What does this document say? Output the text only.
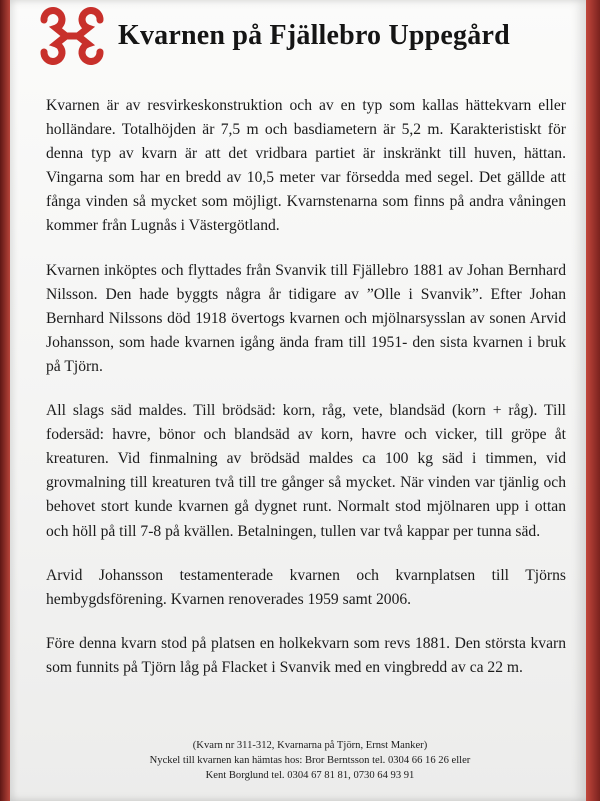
Kvarnen på Fjällebro Uppegård

Kvarnen är av resvirkeskonstruktion och av en typ som kallas hättekvarn eller holländare. Totalhöjden är 7,5 m och basdiametern är 5,2 m. Karakteristiskt för denna typ av kvarn är att det vridbara partiet är inskränkt till huven, hättan. Vingarna som har en bredd av 10,5 meter var försedda med segel. Det gällde att fånga vinden så mycket som möjligt. Kvarnstenarna som finns på andra våningen kommer från Lugnås i Västergötland.

Kvarnen inköptes och flyttades från Svanvik till Fjällebro 1881 av Johan Bernhard Nilsson. Den hade byggts några år tidigare av ”Olle i Svanvik”. Efter Johan Bernhard Nilssons död 1918 övertogs kvarnen och mjölnarsysslan av sonen Arvid Johansson, som hade kvarnen igång ända fram till 1951- den sista kvarnen i bruk på Tjörn.

All slags säd maldes. Till brödsäd: korn, råg, vete, blandsäd (korn + råg). Till fodersäd: havre, bönor och blandsäd av korn, havre och vicker, till gröpe åt kreaturen. Vid finmalning av brödsäd maldes ca 100 kg säd i timmen, vid grovmalning till kreaturen två till tre gånger så mycket. När vinden var tjänlig och behovet stort kunde kvarnen gå dygnet runt. Normalt stod mjölnaren upp i ottan och höll på till 7-8 på kvällen. Betalningen, tullen var två kappar per tunna säd.

Arvid Johansson testamenterade kvarnen och kvarnplatsen till Tjörns hembygdsförening. Kvarnen renoverades 1959 samt 2006.

Före denna kvarn stod på platsen en holkekvarn som revs 1881. Den största kvarn som funnits på Tjörn låg på Flacket i Svanvik med en vingbredd av ca 22 m.

(Kvarn nr 311-312, Kvarnarna på Tjörn, Ernst Manker)
Nyckel till kvarnen kan hämtas hos: Bror Berntsson tel. 0304 66 16 26 eller
Kent Borglund tel. 0304 67 81 81, 0730 64 93 91
